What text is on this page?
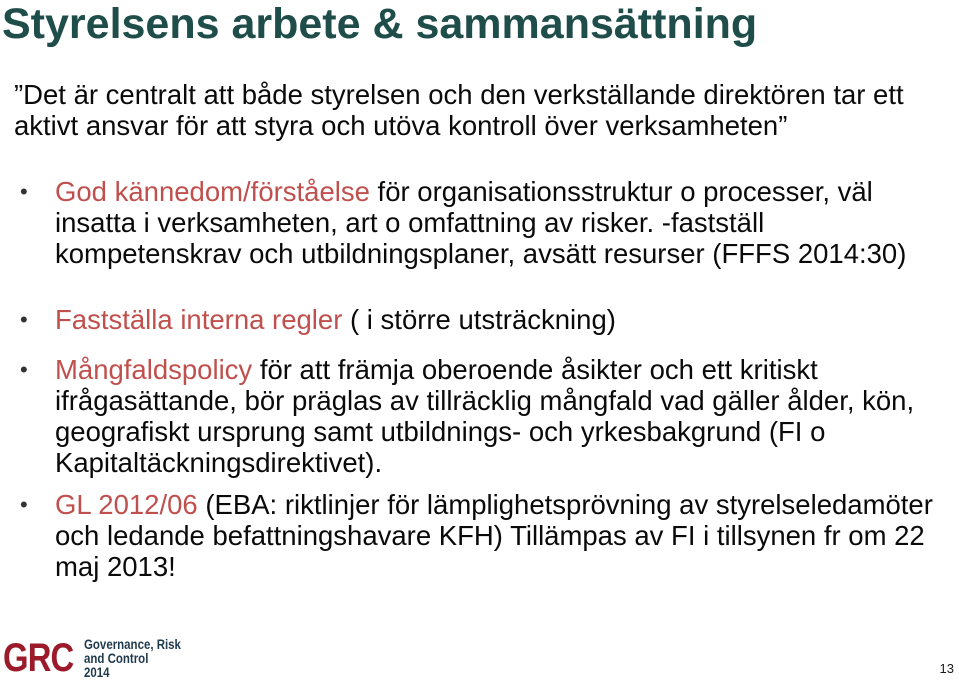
Styrelsens arbete & sammansättning

”Det är centralt att både styrelsen och den verkställande direktören tar ett aktivt ansvar för att styra och utöva kontroll över verksamheten”

• God kännedom/förståelse för organisationsstruktur o processer, väl insatta i verksamheten, art o omfattning av risker. -fastställ kompetenskrav och utbildningsplaner, avsätt resurser (FFFS 2014:30)
• Fastställa interna regler ( i större utsträckning)
• Mångfaldspolicy för att främja oberoende åsikter och ett kritiskt ifrågasättande, bör präglas av tillräcklig mångfald vad gäller ålder, kön, geografiskt ursprung samt utbildnings- och yrkesbakgrund (FI o Kapitaltäckningsdirektivet).
• GL 2012/06 (EBA: riktlinjer för lämplighetsprövning av styrelseledamöter och ledande befattningshavare KFH) Tillämpas av FI i tillsynen fr om 22 maj 2013!
GRC Governance, Risk
and Control
2014	13
